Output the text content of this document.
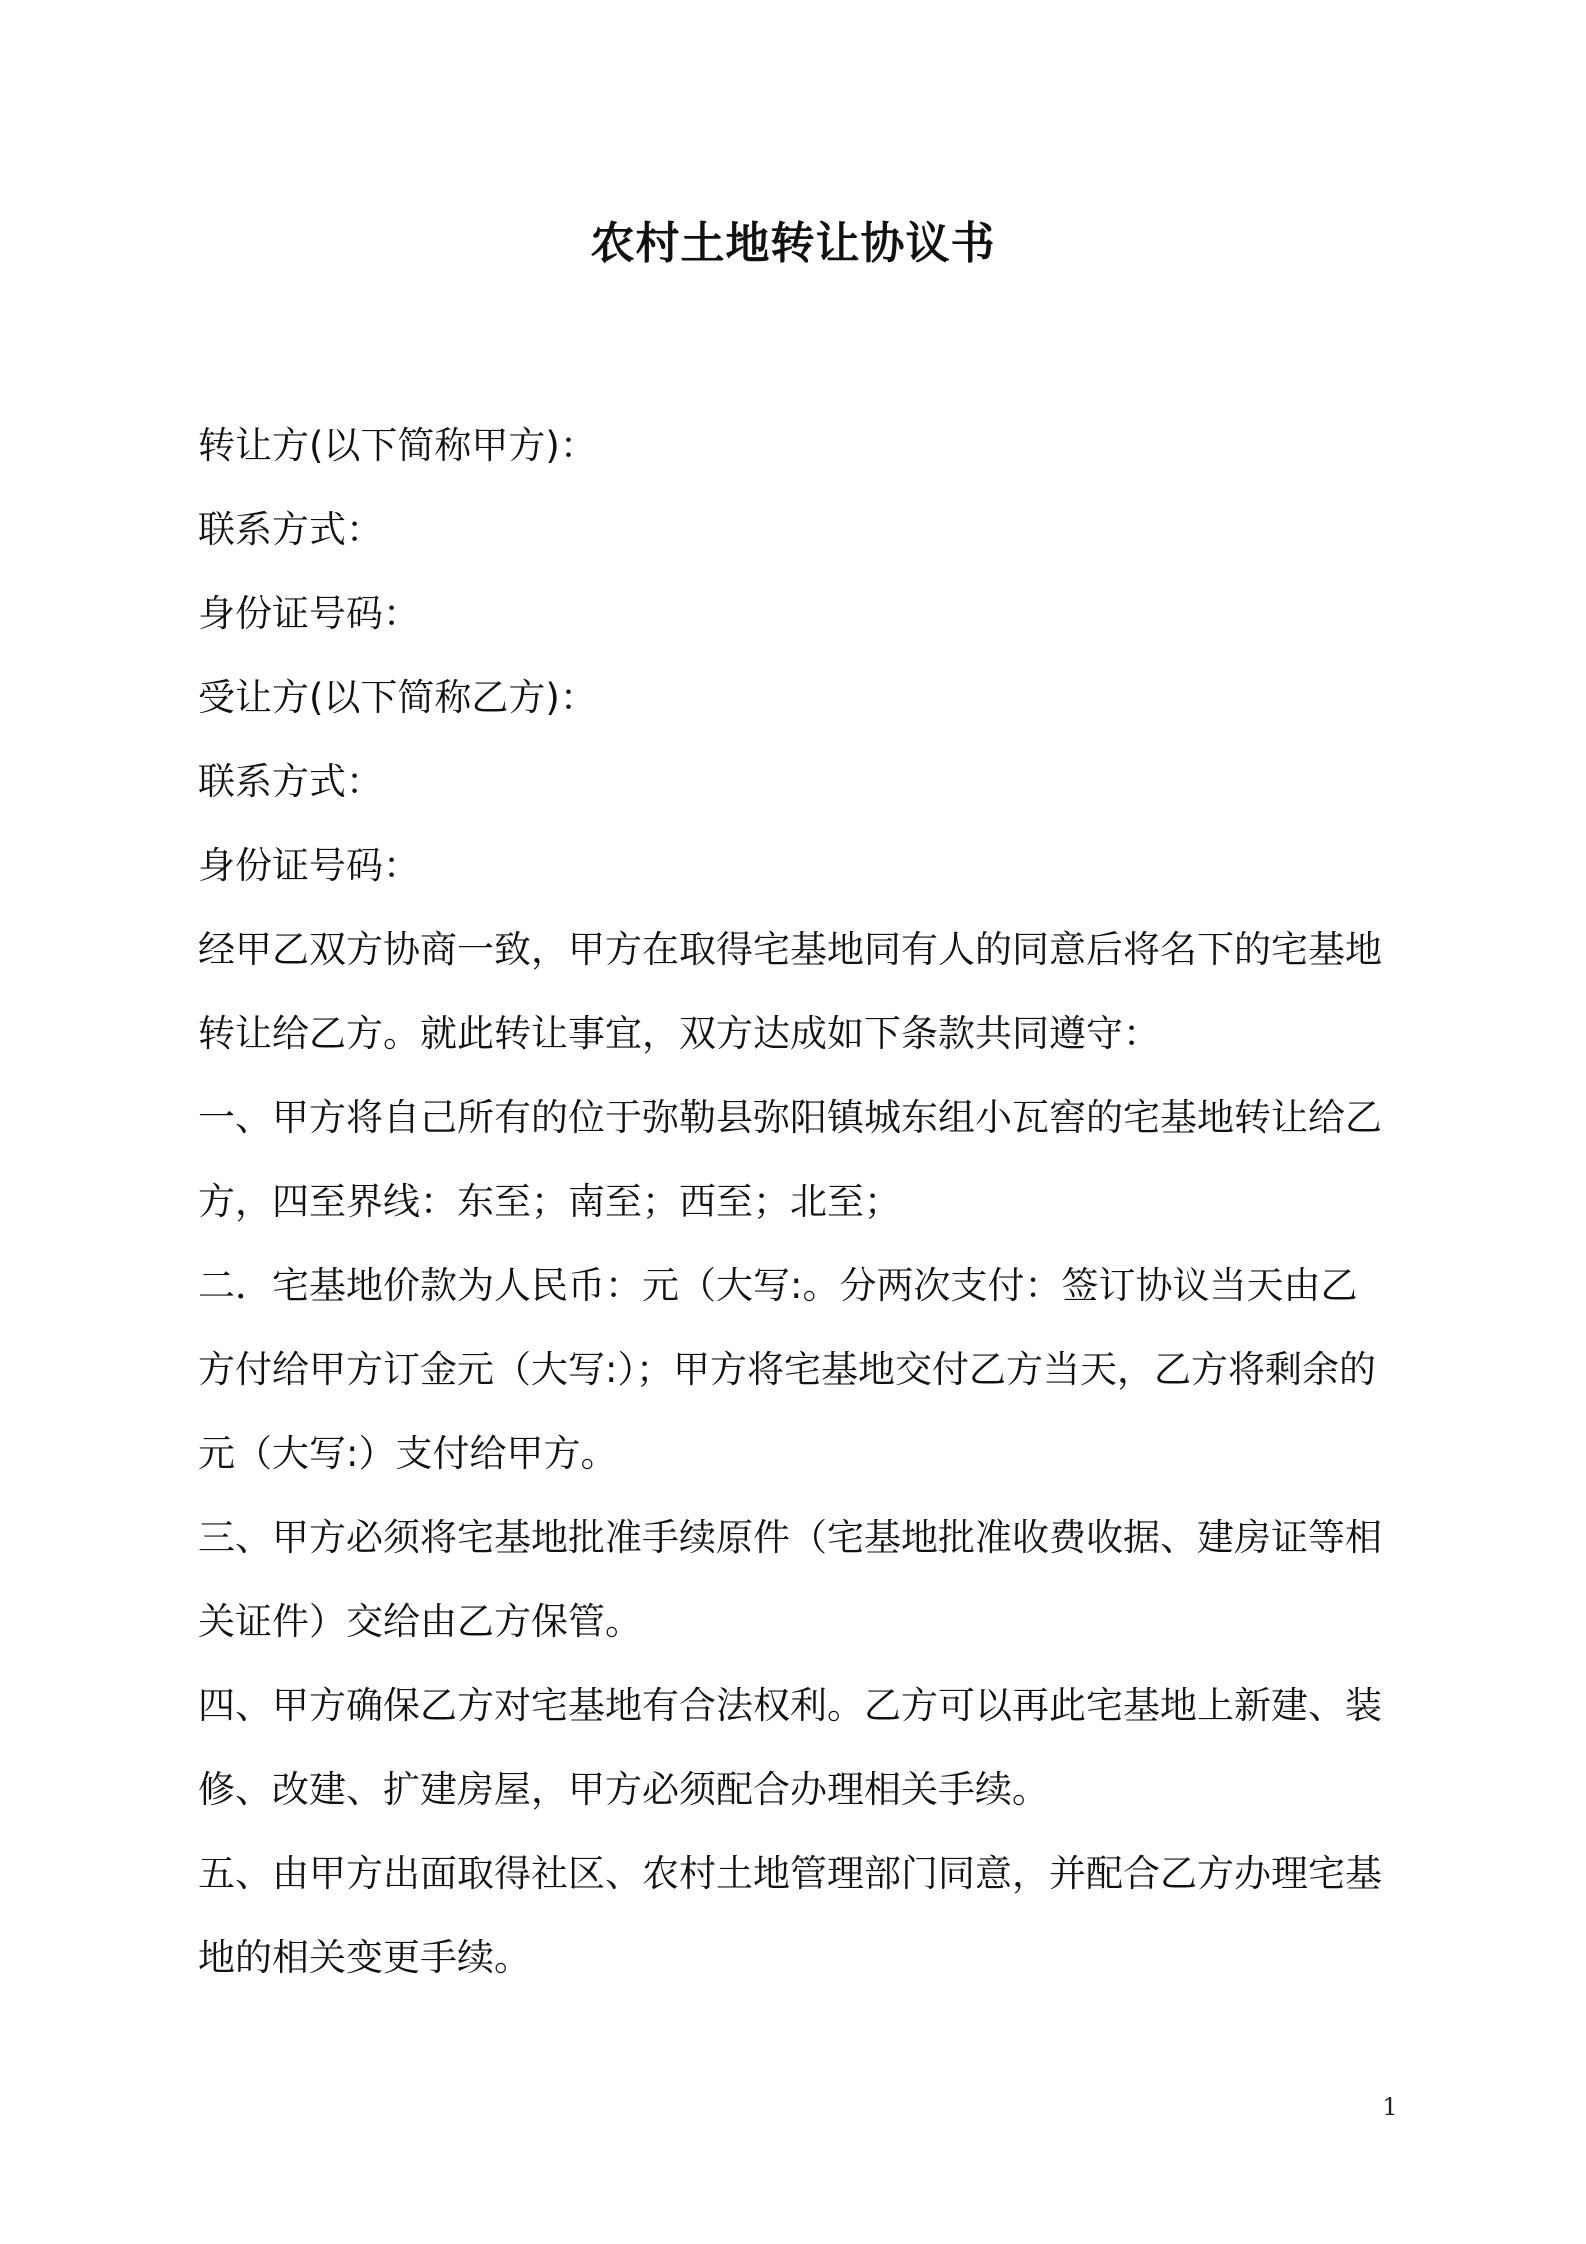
农村土地转让协议书
转让方(以下简称甲方)：
联系方式：
身份证号码：
受让方(以下简称乙方)：
联系方式：
身份证号码：
经甲乙双方协商一致，甲方在取得宅基地同有人的同意后将名下的宅基地
转让给乙方。就此转让事宜，双方达成如下条款共同遵守：
一、甲方将自己所有的位于弥勒县弥阳镇城东组小瓦窖的宅基地转让给乙
方，四至界线：东至；南至；西至；北至；
二．宅基地价款为人民币：元（大写:。分两次支付：签订协议当天由乙
方付给甲方订金元（大写:）；甲方将宅基地交付乙方当天，乙方将剩余的
元（大写:）支付给甲方。
三、甲方必须将宅基地批准手续原件（宅基地批准收费收据、建房证等相
关证件）交给由乙方保管。
四、甲方确保乙方对宅基地有合法权利。乙方可以再此宅基地上新建、装
修、改建、扩建房屋，甲方必须配合办理相关手续。
五、由甲方出面取得社区、农村土地管理部门同意，并配合乙方办理宅基
地的相关变更手续。
1
